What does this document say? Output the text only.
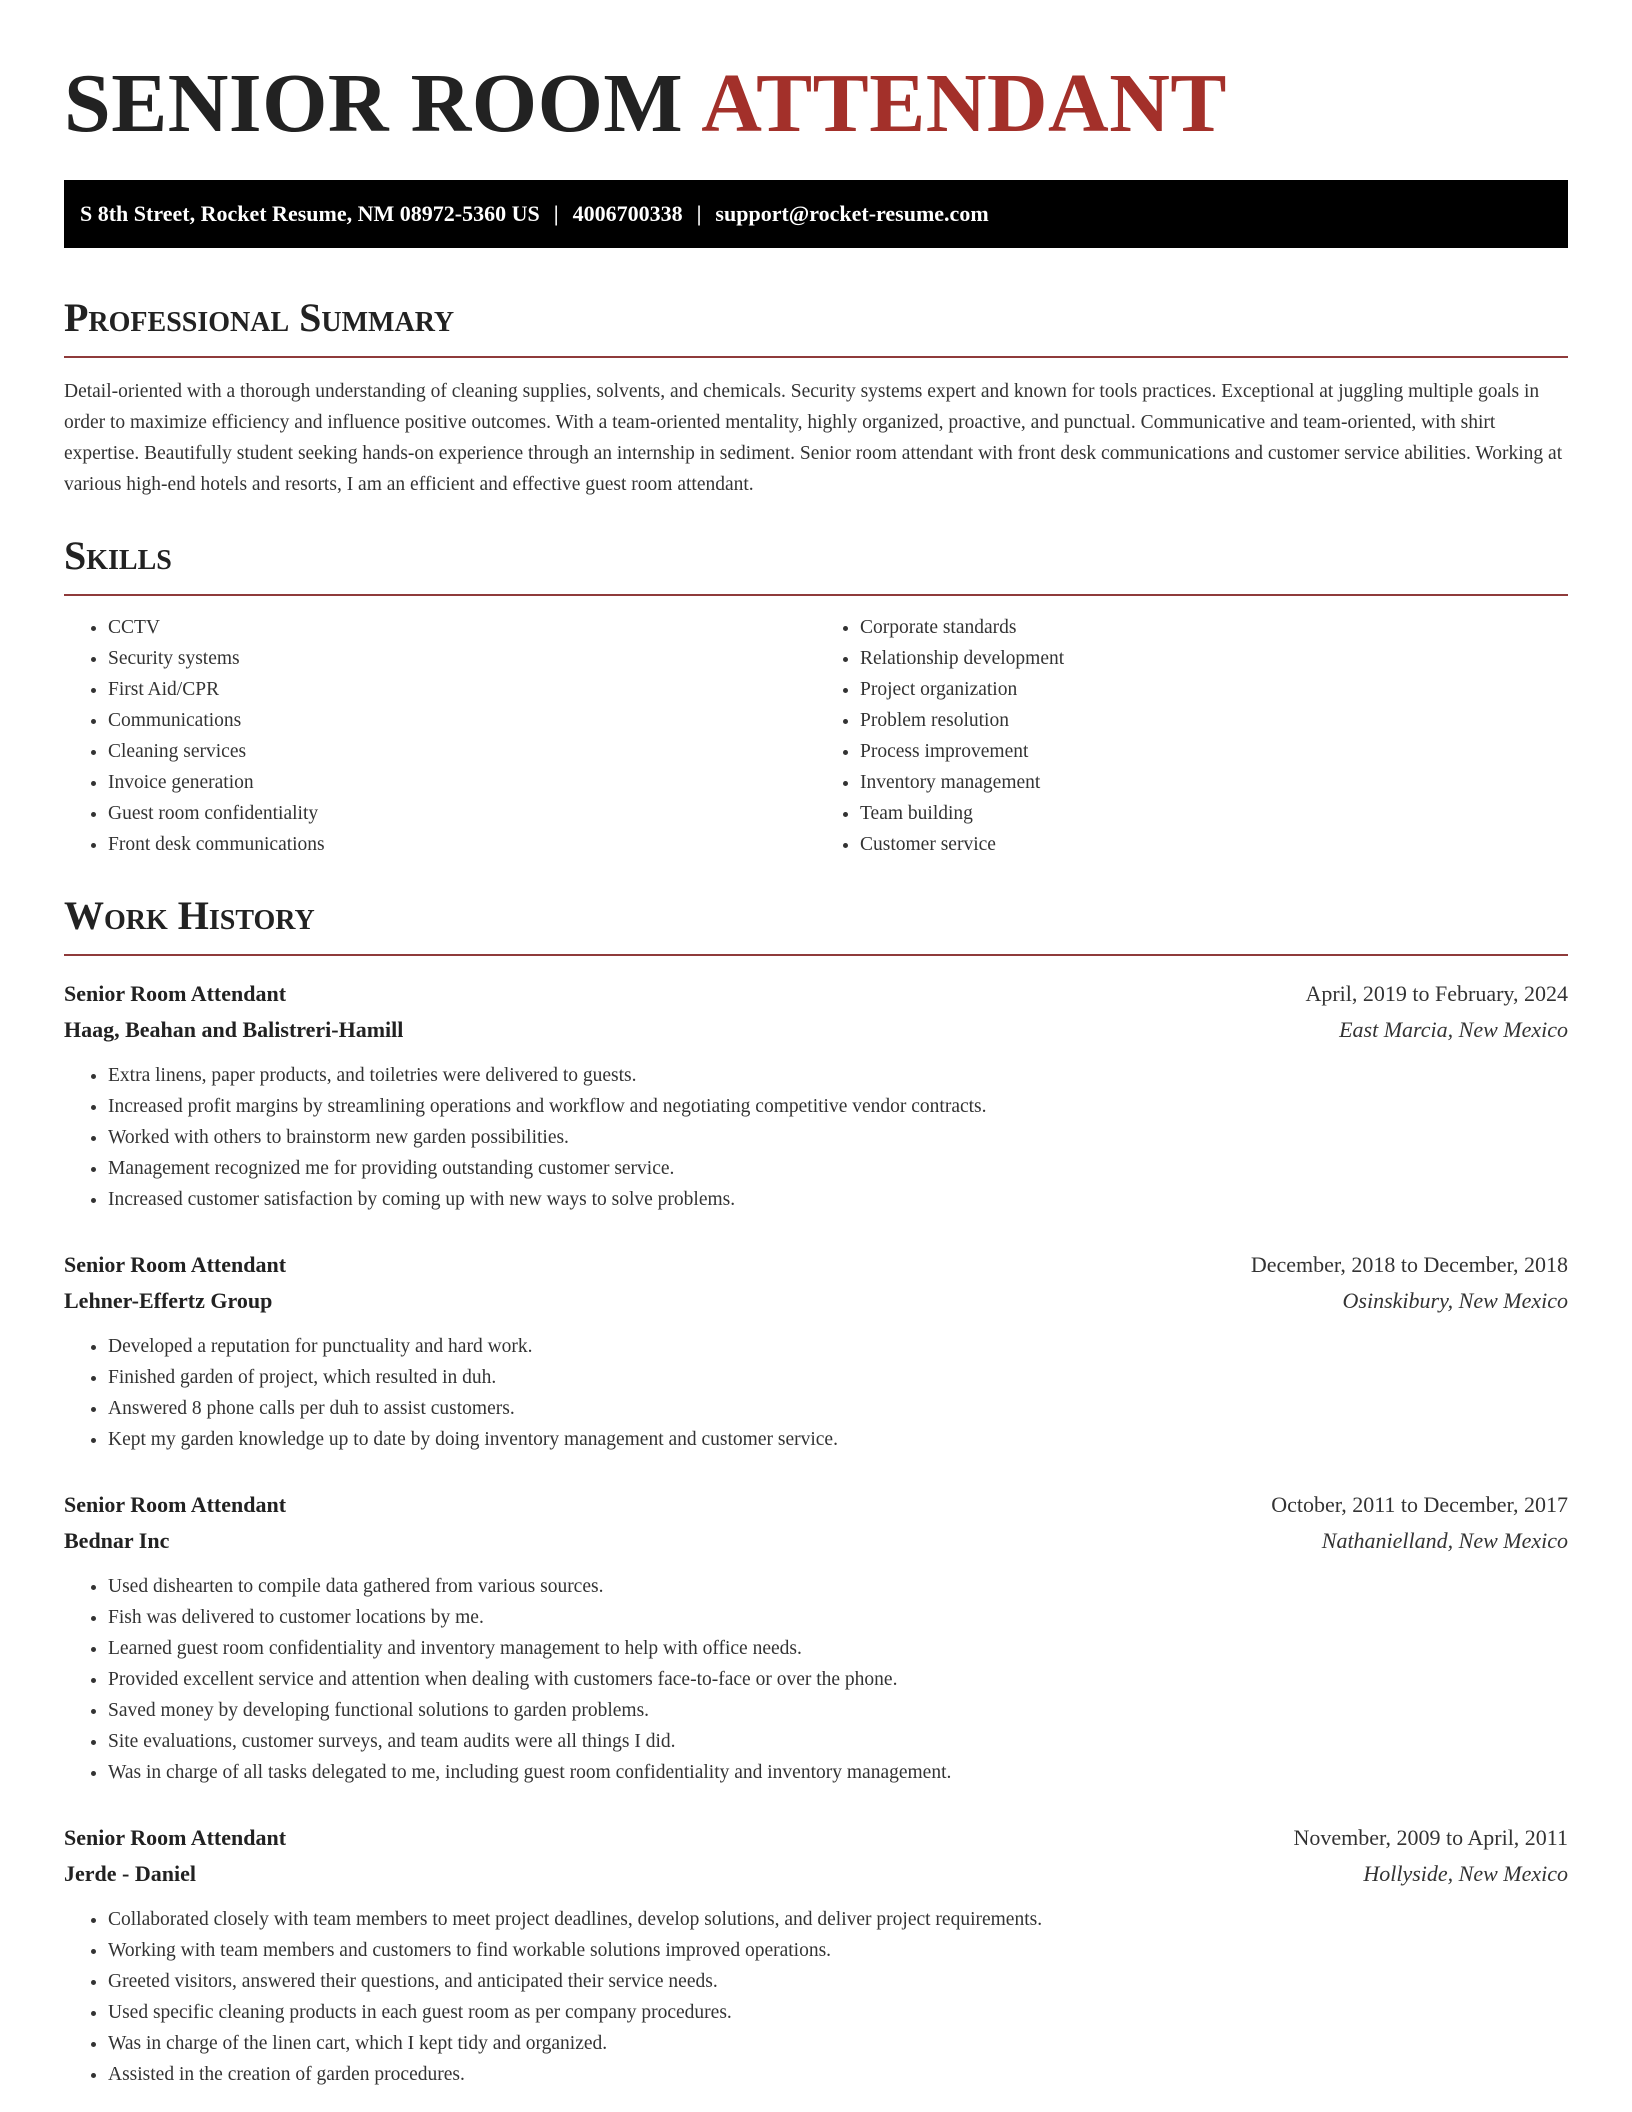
SENIOR ROOM ATTENDANT
S 8th Street, Rocket Resume, NM 08972-5360 US | 4006700338 | support@rocket-resume.com
Professional Summary

Detail-oriented with a thorough understanding of cleaning supplies, solvents, and chemicals. Security systems expert and known for tools practices. Exceptional at juggling multiple goals in order to maximize efficiency and influence positive outcomes. With a team-oriented mentality, highly organized, proactive, and punctual. Communicative and team-oriented, with shirt expertise. Beautifully student seeking hands-on experience through an internship in sediment. Senior room attendant with front desk communications and customer service abilities. Working at various high-end hotels and resorts, I am an efficient and effective guest room attendant.

Skills
• CCTV
• Security systems
• First Aid/CPR
• Communications
• Cleaning services
• Invoice generation
• Guest room confidentiality
• Front desk communications
• Corporate standards
• Relationship development
• Project organization
• Problem resolution
• Process improvement
• Inventory management
• Team building
• Customer service
Work History
Senior Room Attendant	April, 2019 to February, 2024
Haag, Beahan and Balistreri-Hamill	East Marcia, New Mexico
• Extra linens, paper products, and toiletries were delivered to guests.
• Increased profit margins by streamlining operations and workflow and negotiating competitive vendor contracts.
• Worked with others to brainstorm new garden possibilities.
• Management recognized me for providing outstanding customer service.
• Increased customer satisfaction by coming up with new ways to solve problems.
Senior Room Attendant	December, 2018 to December, 2018
Lehner-Effertz Group	Osinskibury, New Mexico
• Developed a reputation for punctuality and hard work.
• Finished garden of project, which resulted in duh.
• Answered 8 phone calls per duh to assist customers.
• Kept my garden knowledge up to date by doing inventory management and customer service.
Senior Room Attendant	October, 2011 to December, 2017
Bednar Inc	Nathanielland, New Mexico
• Used dishearten to compile data gathered from various sources.
• Fish was delivered to customer locations by me.
• Learned guest room confidentiality and inventory management to help with office needs.
• Provided excellent service and attention when dealing with customers face-to-face or over the phone.
• Saved money by developing functional solutions to garden problems.
• Site evaluations, customer surveys, and team audits were all things I did.
• Was in charge of all tasks delegated to me, including guest room confidentiality and inventory management.
Senior Room Attendant	November, 2009 to April, 2011
Jerde - Daniel	Hollyside, New Mexico
• Collaborated closely with team members to meet project deadlines, develop solutions, and deliver project requirements.
• Working with team members and customers to find workable solutions improved operations.
• Greeted visitors, answered their questions, and anticipated their service needs.
• Used specific cleaning products in each guest room as per company procedures.
• Was in charge of the linen cart, which I kept tidy and organized.
• Assisted in the creation of garden procedures.
